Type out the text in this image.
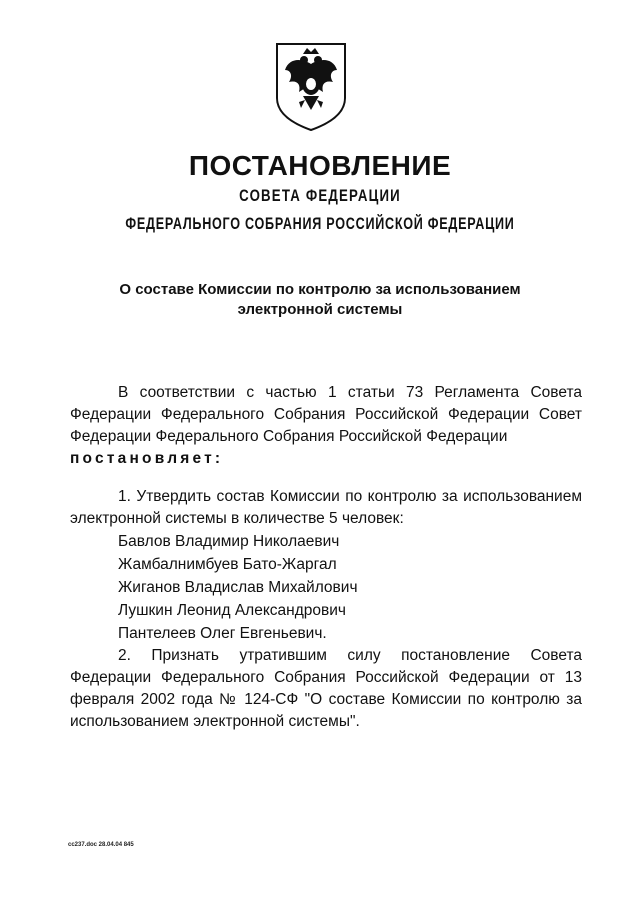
ПОСТАНОВЛЕНИЕ
СОВЕТА ФЕДЕРАЦИИ
ФЕДЕРАЛЬНОГО СОБРАНИЯ РОССИЙСКОЙ ФЕДЕРАЦИИ
О составе Комиссии по контролю за использованием
электронной системы

В соответствии с частью 1 статьи 73 Регламента Совета Федерации Федерального Собрания Российской Федерации Совет Федерации Федерального Собрания Российской Федерации

постановляет:

1. Утвердить состав Комиссии по контролю за использованием электронной системы в количестве 5 человек:

Бавлов Владимир Николаевич

Жамбалнимбуев Бато-Жаргал

Жиганов Владислав Михайлович

Лушкин Леонид Александрович

Пантелеев Олег Евгеньевич.

2. Признать утратившим силу постановление Совета Федерации Федерального Собрания Российской Федерации от 13 февраля 2002 года № 124-СФ "О составе Комиссии по контролю за использованием электронной системы".

cc237.doc 28.04.04 845
